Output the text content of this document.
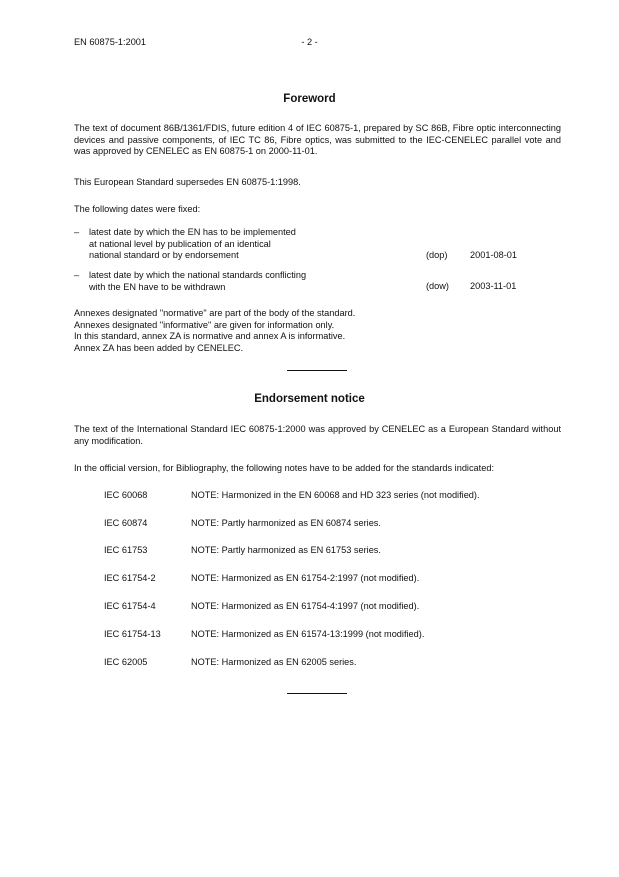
EN 60875-1:2001	- 2 -
Foreword
The text of document 86B/1361/FDIS, future edition 4 of IEC 60875-1, prepared by SC 86B, Fibre optic interconnecting devices and passive components, of IEC TC 86, Fibre optics, was submitted to the IEC-CENELEC parallel vote and was approved by CENELEC as EN 60875-1 on 2000-11-01.
This European Standard supersedes EN 60875-1:1998.
The following dates were fixed:
– latest date by which the EN has to be implemented
at national level by publication of an identical
national standard or by endorsement	(dop) 2001-08-01
– latest date by which the national standards conflicting
with the EN have to be withdrawn	(dow) 2003-11-01
Annexes designated "normative" are part of the body of the standard.
Annexes designated "informative" are given for information only.
In this standard, annex ZA is normative and annex A is informative.
Annex ZA has been added by CENELEC.
Endorsement notice
The text of the International Standard IEC 60875-1:2000 was approved by CENELEC as a European Standard without any modification.
In the official version, for Bibliography, the following notes have to be added for the standards indicated:
IEC 60068	NOTE: Harmonized in the EN 60068 and HD 323 series (not modified).
IEC 60874	NOTE: Partly harmonized as EN 60874 series.
IEC 61753	NOTE: Partly harmonized as EN 61753 series.
IEC 61754-2	NOTE: Harmonized as EN 61754-2:1997 (not modified).
IEC 61754-4	NOTE: Harmonized as EN 61754-4:1997 (not modified).
IEC 61754-13	NOTE: Harmonized as EN 61574-13:1999 (not modified).
IEC 62005	NOTE: Harmonized as EN 62005 series.
